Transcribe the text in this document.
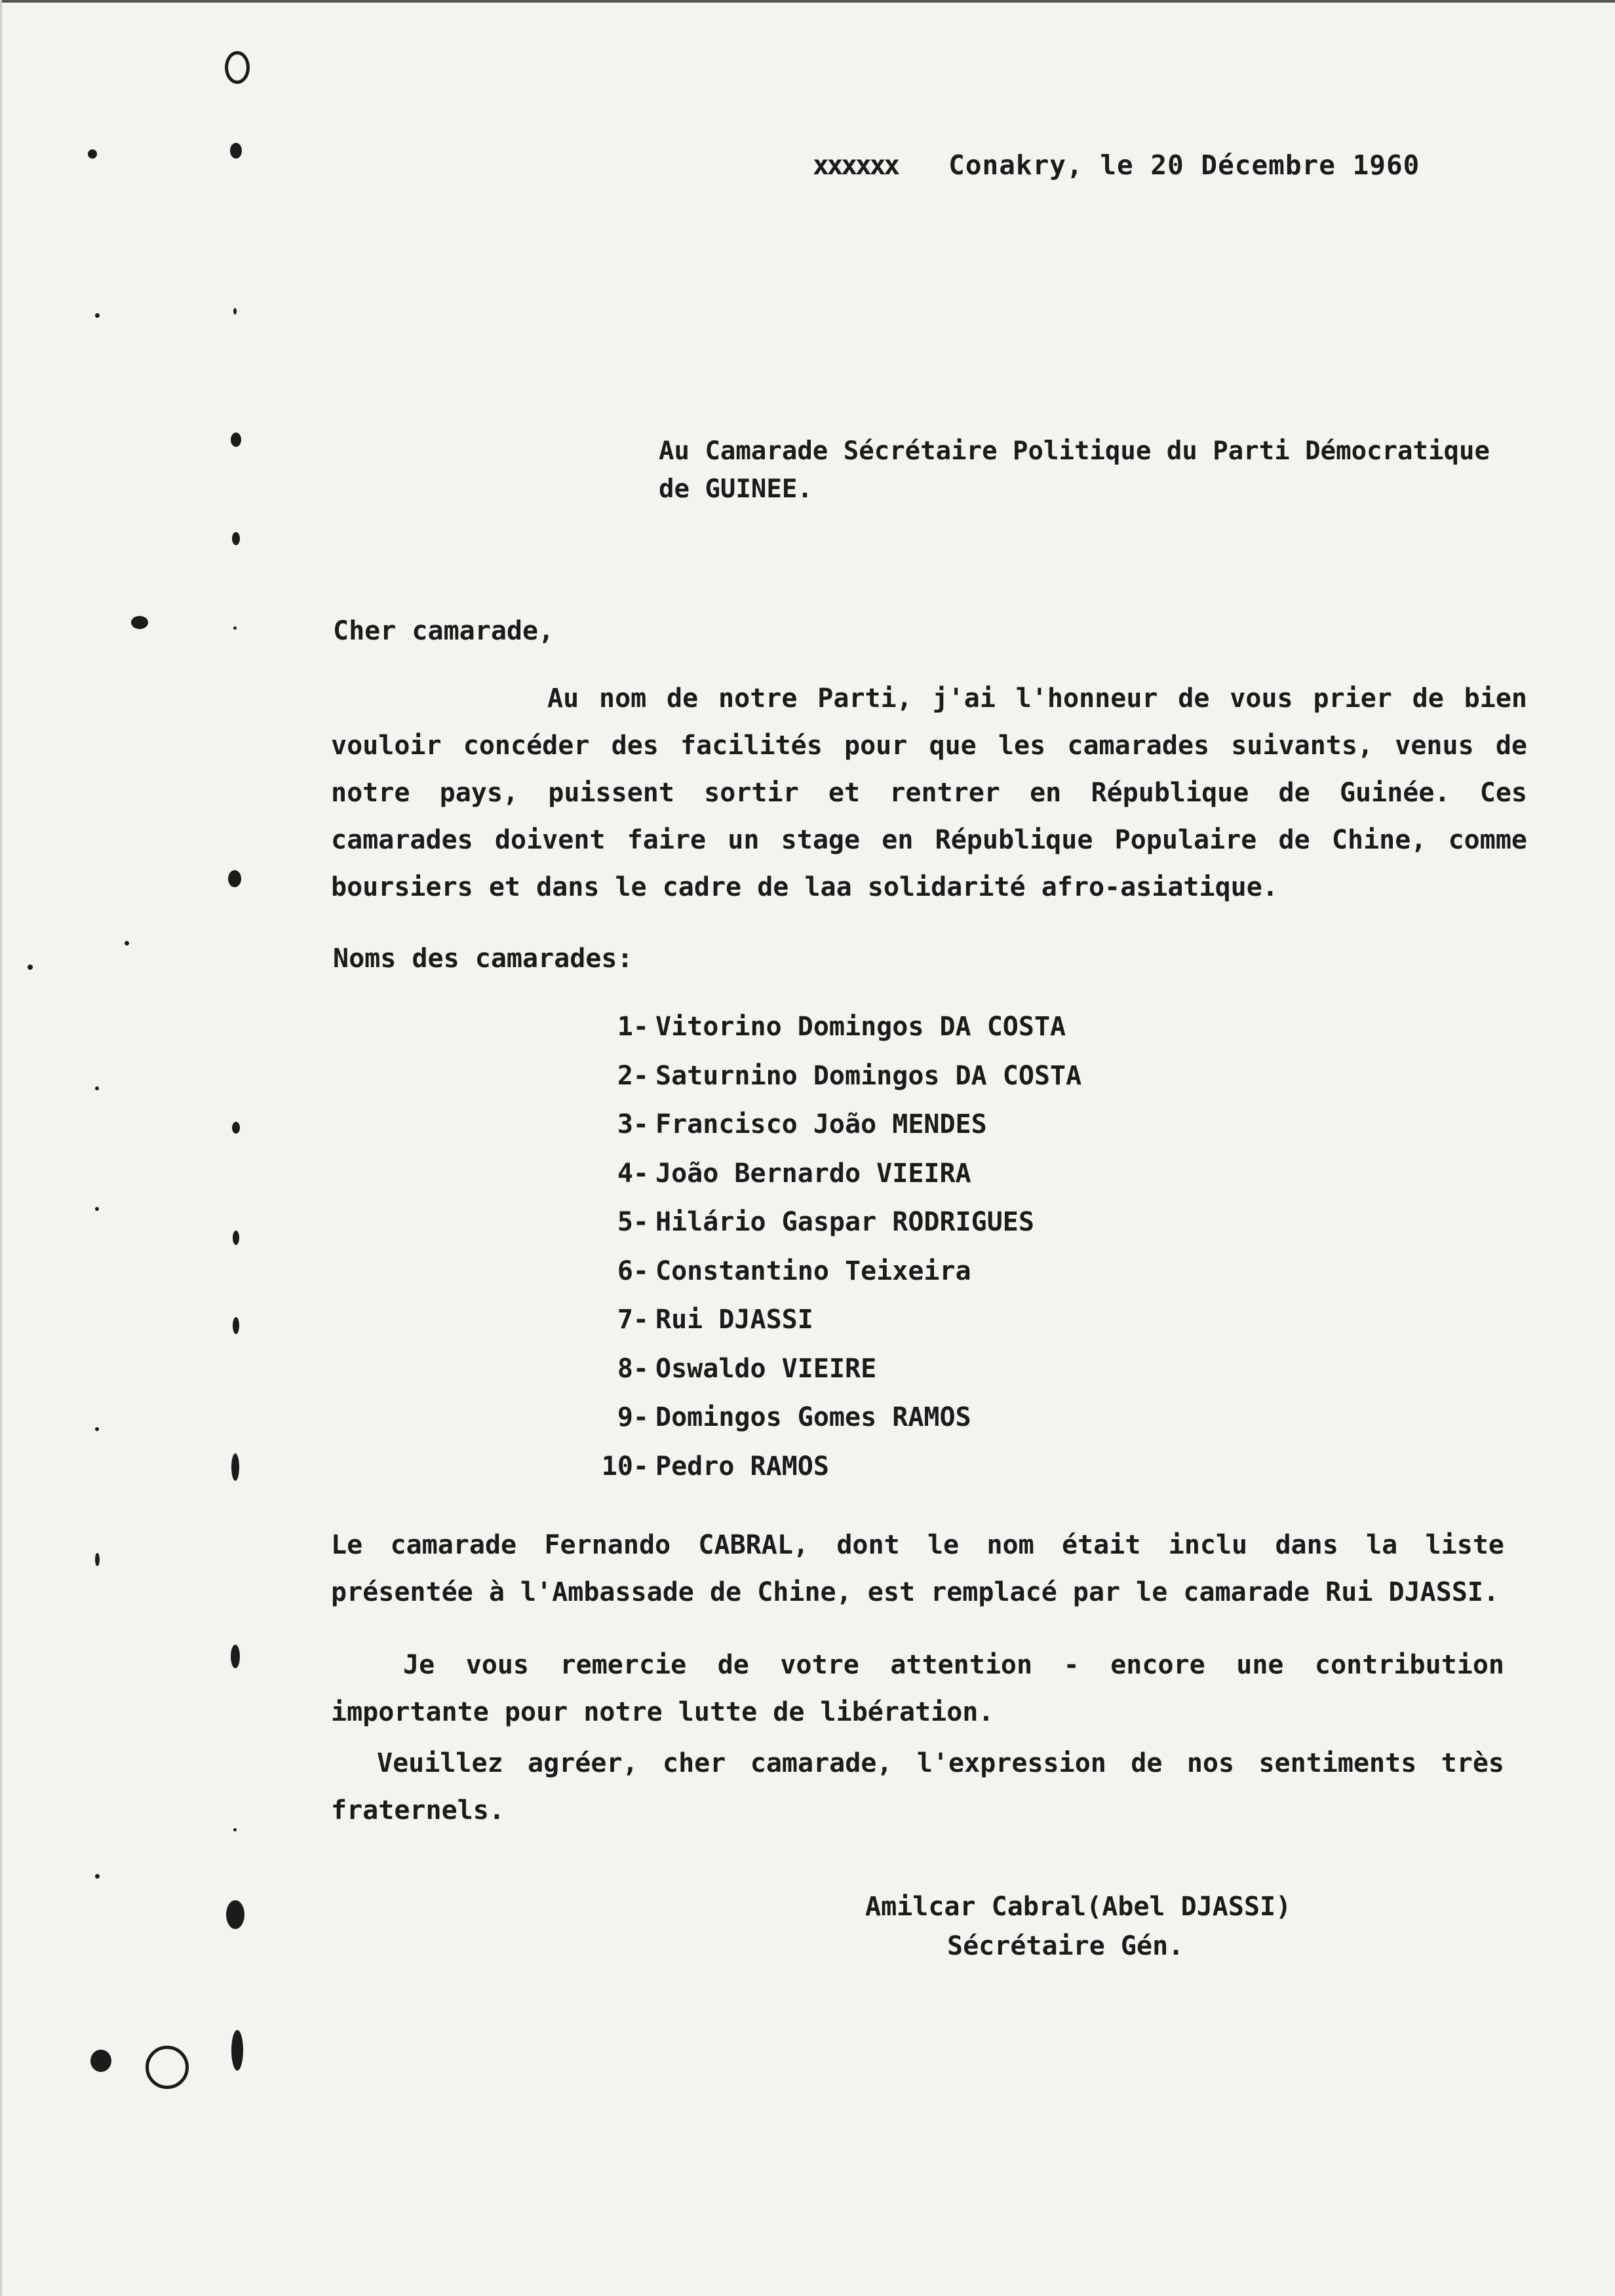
xxxxxx Conakry, le 20 Décembre 1960
Au Camarade Sécrétaire Politique du Parti Démocratique
de GUINEE.
Cher camarade,
Au nom de notre Parti, j'ai l'honneur de vous prier de bien vouloir concéder des facilités pour que les camarades suivants, venus de notre pays, puissent sortir et rentrer en République de Guinée. Ces camarades doivent faire un stage en République Populaire de Chine, comme boursiers et dans le cadre de laa solidarité afro-asiatique.
Noms des camarades:
1- Vitorino Domingos DA COSTA
2- Saturnino Domingos DA COSTA
3- Francisco João MENDES
4- João Bernardo VIEIRA
5- Hilário Gaspar RODRIGUES
6- Constantino Teixeira
7- Rui DJASSI
8- Oswaldo VIEIRE
9- Domingos Gomes RAMOS
10- Pedro RAMOS
Le camarade Fernando CABRAL, dont le nom était inclu dans la liste présentée à l'Ambassade de Chine, est remplacé par le camarade Rui DJASSI.
Je vous remercie de votre attention - encore une contribution importante pour notre lutte de libération.
Veuillez agréer, cher camarade, l'expression de nos sentiments très fraternels.
Amilcar Cabral(Abel DJASSI)
Sécrétaire Gén.
